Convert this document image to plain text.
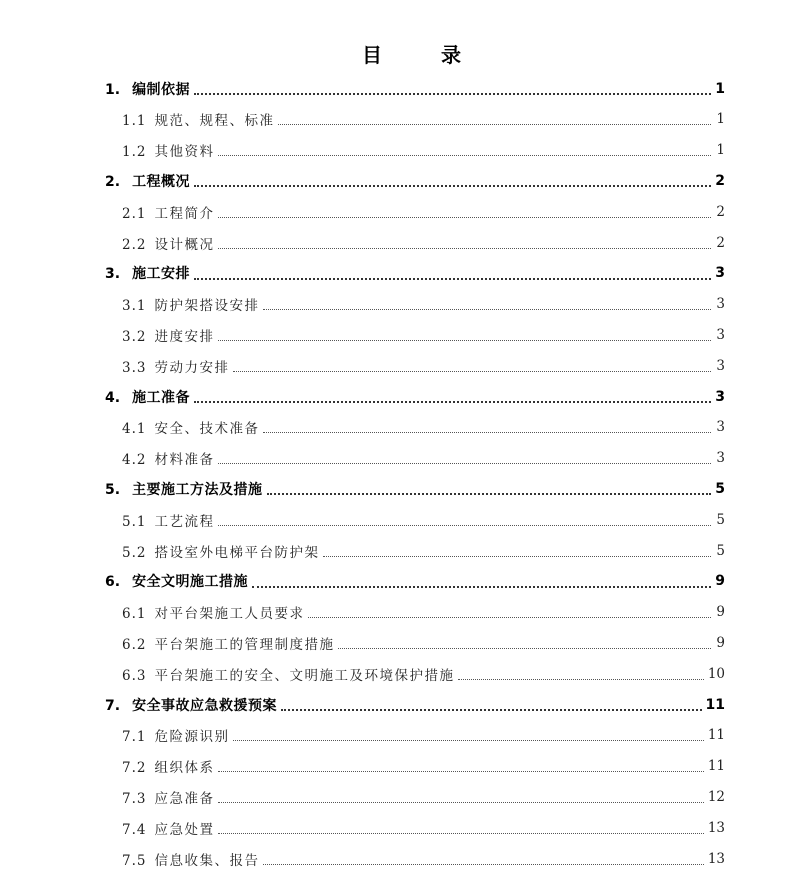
目 录
1. 编制依据	1
1.1 规范、规程、标准	1
1.2 其他资料	1
2. 工程概况	2
2.1 工程简介	2
2.2 设计概况	2
3. 施工安排	3
3.1 防护架搭设安排	3
3.2 进度安排	3
3.3 劳动力安排	3
4. 施工准备	3
4.1 安全、技术准备	3
4.2 材料准备	3
5. 主要施工方法及措施	5
5.1 工艺流程	5
5.2 搭设室外电梯平台防护架	5
6. 安全文明施工措施	9
6.1 对平台架施工人员要求	9
6.2 平台架施工的管理制度措施	9
6.3 平台架施工的安全、文明施工及环境保护措施	10
7. 安全事故应急救援预案	11
7.1 危险源识别	11
7.2 组织体系	11
7.3 应急准备	12
7.4 应急处置	13
7.5 信息收集、报告	13
